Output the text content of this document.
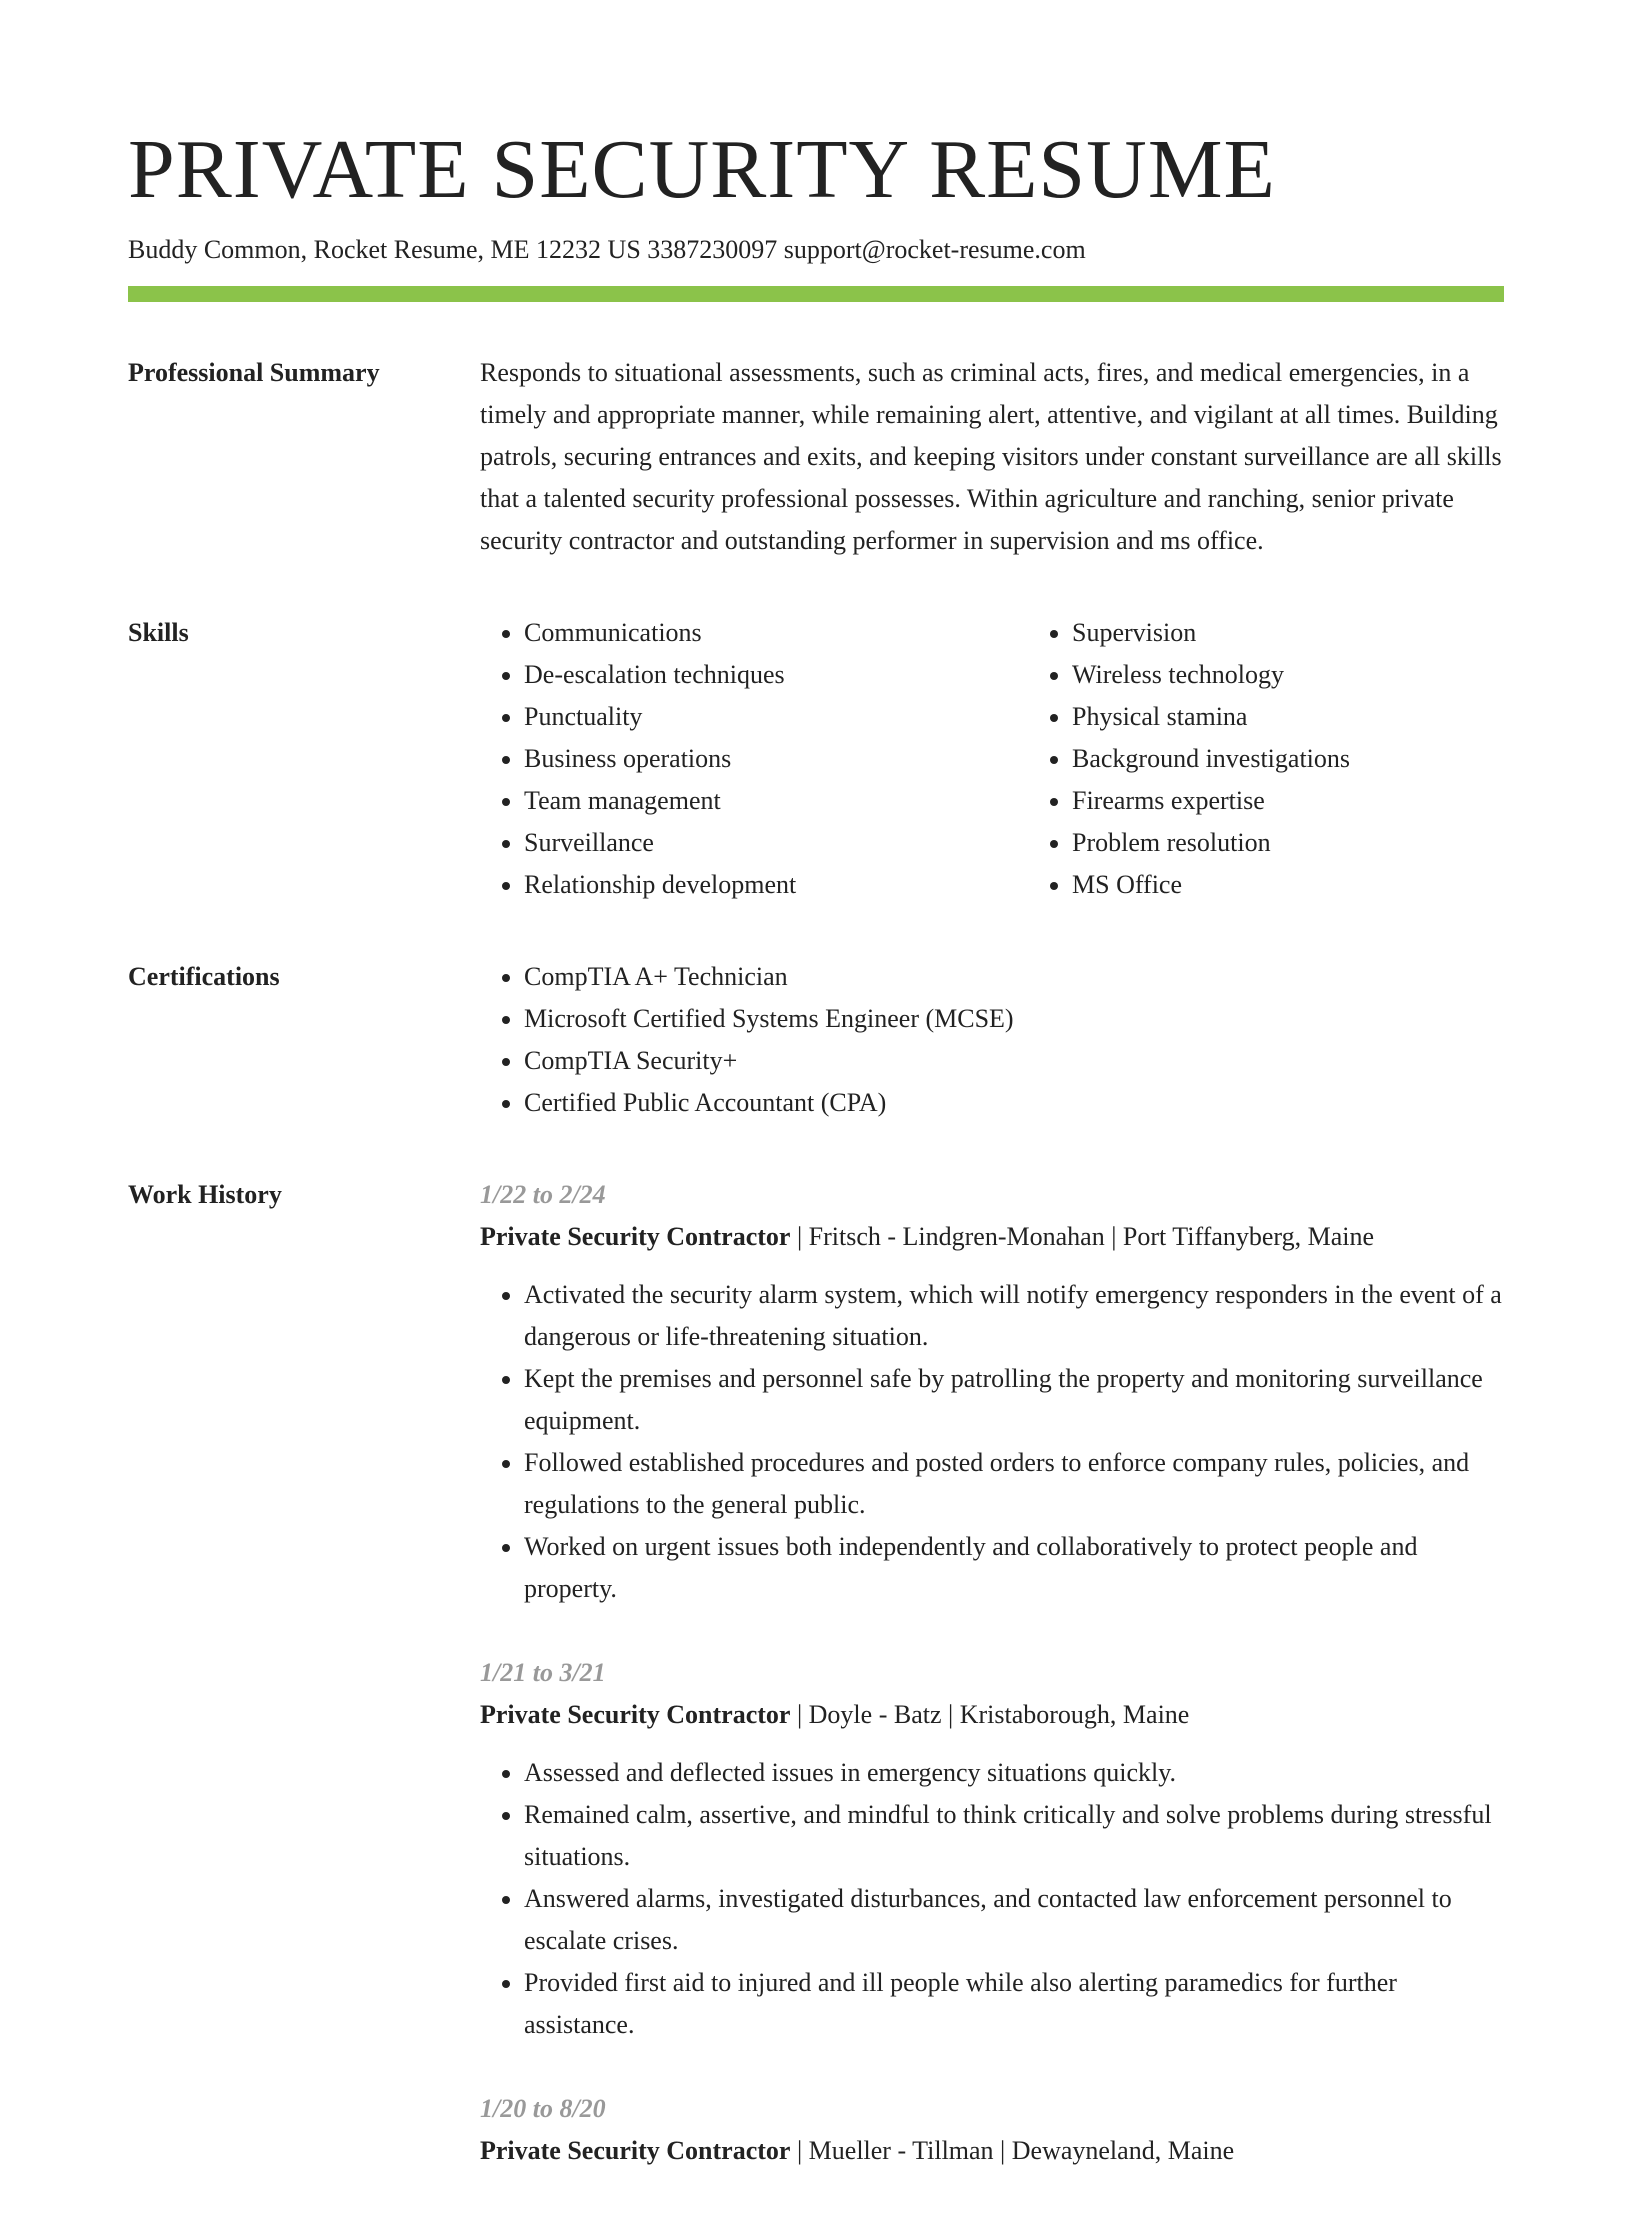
PRIVATE SECURITY RESUME
Buddy Common, Rocket Resume, ME 12232 US 3387230097 support@rocket-resume.com
Professional Summary	Responds to situational assessments, such as criminal acts, fires, and medical emergencies, in a timely and appropriate manner, while remaining alert, attentive, and vigilant at all times. Building patrols, securing entrances and exits, and keeping visitors under constant surveillance are all skills that a talented security professional possesses. Within agriculture and ranching, senior private security contractor and outstanding performer in supervision and ms office.

Skills	• Communications
• De-escalation techniques
• Punctuality
• Business operations
• Team management
• Surveillance
• Relationship development
• Supervision
• Wireless technology
• Physical stamina
• Background investigations
• Firearms expertise
• Problem resolution
• MS Office
Certifications	• CompTIA A+ Technician
• Microsoft Certified Systems Engineer (MCSE)
• CompTIA Security+
• Certified Public Accountant (CPA)
Work History	1/22 to 2/24
Private Security Contractor | Fritsch - Lindgren-Monahan | Port Tiffanyberg, Maine
• Activated the security alarm system, which will notify emergency responders in the event of a dangerous or life-threatening situation.
• Kept the premises and personnel safe by patrolling the property and monitoring surveillance equipment.
• Followed established procedures and posted orders to enforce company rules, policies, and regulations to the general public.
• Worked on urgent issues both independently and collaboratively to protect people and property.
1/21 to 3/21
Private Security Contractor | Doyle - Batz | Kristaborough, Maine
• Assessed and deflected issues in emergency situations quickly.
• Remained calm, assertive, and mindful to think critically and solve problems during stressful situations.
• Answered alarms, investigated disturbances, and contacted law enforcement personnel to escalate crises.
• Provided first aid to injured and ill people while also alerting paramedics for further assistance.
1/20 to 8/20
Private Security Contractor | Mueller - Tillman | Dewayneland, Maine
